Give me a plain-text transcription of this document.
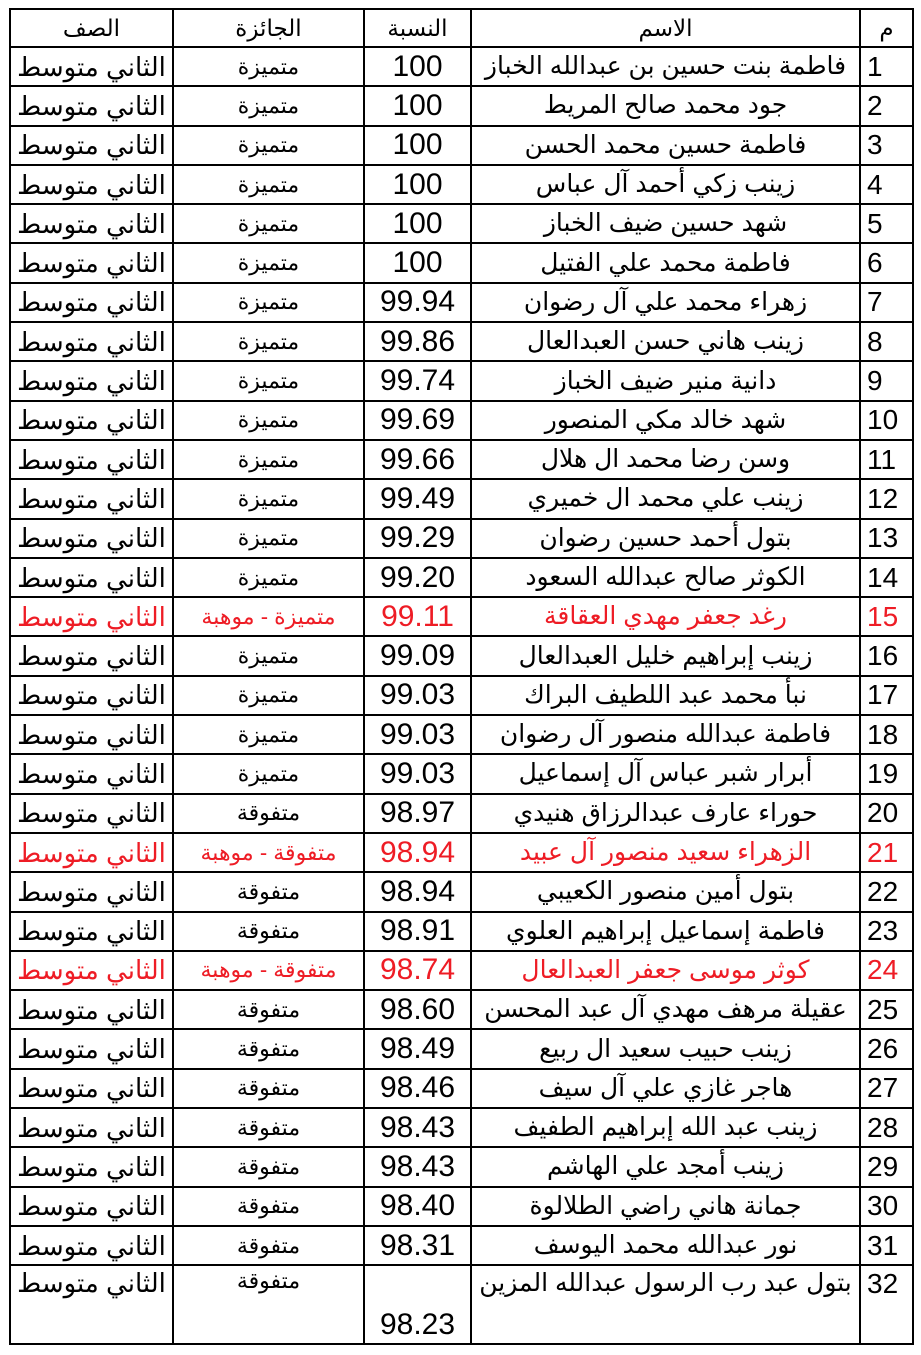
الصف	الجائزة	النسبة	الاسم	م
الثاني متوسط	متميزة	100	فاطمة بنت حسين بن عبدالله الخباز	1
الثاني متوسط	متميزة	100	جود محمد صالح المريط	2
الثاني متوسط	متميزة	100	فاطمة حسين محمد الحسن	3
الثاني متوسط	متميزة	100	زينب زكي أحمد آل عباس	4
الثاني متوسط	متميزة	100	شهد حسين ضيف الخباز	5
الثاني متوسط	متميزة	100	فاطمة محمد علي الفتيل	6
الثاني متوسط	متميزة	99.94	زهراء محمد علي آل رضوان	7
الثاني متوسط	متميزة	99.86	زينب هاني حسن العبدالعال	8
الثاني متوسط	متميزة	99.74	دانية منير ضيف الخباز	9
الثاني متوسط	متميزة	99.69	شهد خالد مكي المنصور	10
الثاني متوسط	متميزة	99.66	وسن رضا محمد ال هلال	11
الثاني متوسط	متميزة	99.49	زينب علي محمد ال خميري	12
الثاني متوسط	متميزة	99.29	بتول أحمد حسين رضوان	13
الثاني متوسط	متميزة	99.20	الكوثر صالح عبدالله السعود	14
الثاني متوسط	متميزة - موهبة	99.11	رغد جعفر مهدي العقاقة	15
الثاني متوسط	متميزة	99.09	زينب إبراهيم خليل العبدالعال	16
الثاني متوسط	متميزة	99.03	نبأ محمد عبد اللطيف البراك	17
الثاني متوسط	متميزة	99.03	فاطمة عبدالله منصور آل رضوان	18
الثاني متوسط	متميزة	99.03	أبرار شبر عباس آل إسماعيل	19
الثاني متوسط	متفوقة	98.97	حوراء عارف عبدالرزاق هنيدي	20
الثاني متوسط	متفوقة - موهبة	98.94	الزهراء سعيد منصور آل عبيد	21
الثاني متوسط	متفوقة	98.94	بتول أمين منصور الكعيبي	22
الثاني متوسط	متفوقة	98.91	فاطمة إسماعيل إبراهيم العلوي	23
الثاني متوسط	متفوقة - موهبة	98.74	كوثر موسى جعفر العبدالعال	24
الثاني متوسط	متفوقة	98.60	عقيلة مرهف مهدي آل عبد المحسن	25
الثاني متوسط	متفوقة	98.49	زينب حبيب سعيد ال ربيع	26
الثاني متوسط	متفوقة	98.46	هاجر غازي علي آل سيف	27
الثاني متوسط	متفوقة	98.43	زينب عبد الله إبراهيم الطفيف	28
الثاني متوسط	متفوقة	98.43	زينب أمجد علي الهاشم	29
الثاني متوسط	متفوقة	98.40	جمانة هاني راضي الطلالوة	30
الثاني متوسط	متفوقة	98.31	نور عبدالله محمد اليوسف	31
الثاني متوسط	متفوقة	98.23	بتول عبد رب الرسول عبدالله المزين	32
